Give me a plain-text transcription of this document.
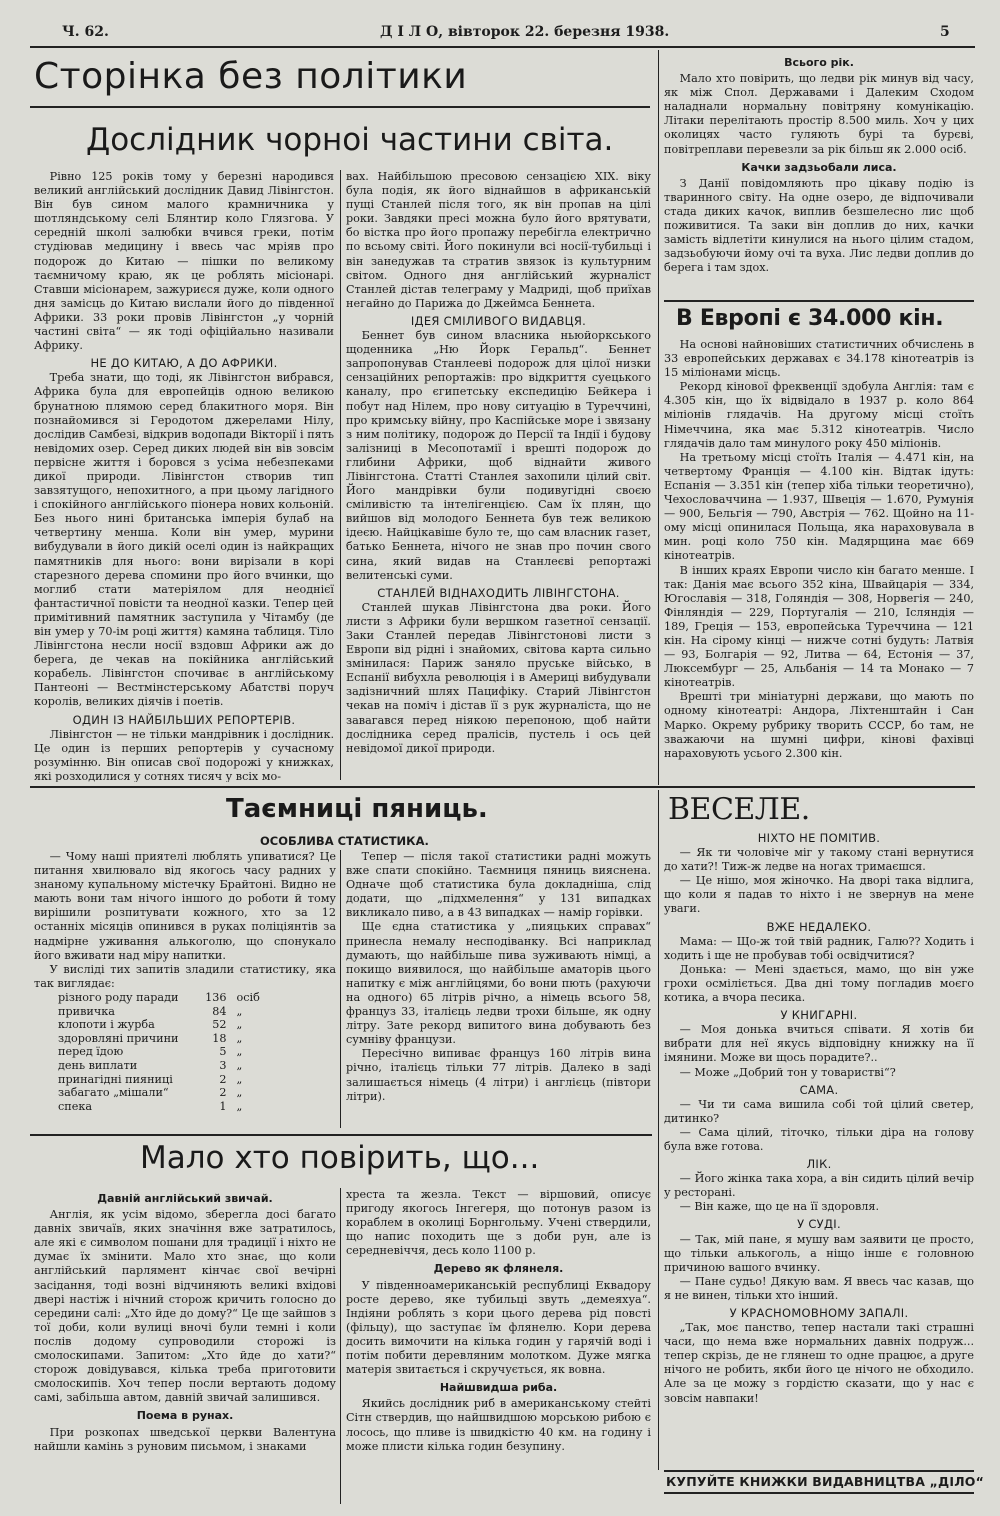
Ч. 62.	Д І Л О, вівторок 22. березня 1938.	5
Сторінка без політики
Дослідник чорноі частини світа.

Рівно 125 років тому у березні народився великий англійський дослідник Давид Лівінгстон. Він був сином малого крамничника у шотляндському селі Блянтир коло Глязгова. У середній школі залюбки вчився греки, потім студіював медицину і ввесь час мріяв про подорож до Китаю — пішки по великому таємничому краю, як це роблять місіонарі. Ставши місіонарем, зажуриєся дуже, коли одного дня замісць до Китаю вислали його до південної Африки. 33 роки провів Лівінгстон „у чорній частині світа“ — як тоді офіційально називали Африку.

НЕ ДО КИТАЮ, А ДО АФРИКИ.

Треба знати, що тоді, як Лівінгстон вибрався, Африка була для европейців одною великою брунатною плямою серед блакитного моря. Він познайомився зі Геродотом джерелами Нілу, дослідив Самбезі, відкрив водопади Вікторії і пять невідомих озер. Серед диких людей він вів зовсім первісне життя і боровся з усіма небезпеками дикої природи. Лівінгстон створив тип завзятущого, непохитного, а при цьому лагідного і спокійного англійського піонера нових кольоній. Без нього нині британська імперія булаб на четвертину менша. Коли він умер, мурини вибудували в його дикій оселі один із найкращих памятників для нього: вони вирізали в корі старезного дерева спомини про його вчинки, що моглиб стати матеріялом для неоднієї фантастичної повісти та неодної казки. Тепер цей примітивний памятник заступила у Чітамбу (де він умер у 70-ім році життя) камяна таблиця. Тіло Лівінгстона несли носії вздовш Африки аж до берега, де чекав на покійника англійський корабель. Лівінгстон спочиває в англійському Пантеоні — Вестмінстерському Абатстві поруч королів, великих діячів і поетів.

ОДИН ІЗ НАЙБІЛЬШИХ РЕПОРТЕРІВ.

Лівінгстон — не тільки мандрівник і дослідник. Це один із перших репортерів у сучасному розумінню. Він описав свої подорожі у книжках, які розходилися у сотнях тисяч у всіх мо-

вах. Найбільшою пресовою сензацією XIX. віку була подія, як його віднайшов в африканській пущі Станлей після того, як він пропав на цілі роки. Завдяки пресі можна було його врятувати, бо вістка про його пропажу перебігла електрично по всьому світі. Його покинули всі носії-тубильці і він занедужав та стратив звязок із культурним світом. Одного дня англійський журналіст Станлей дістав телеграму у Мадриді, щоб приїхав негайно до Парижа до Джеймса Беннета.

ІДЕЯ СМІЛИВОГО ВИДАВЦЯ.

Беннет був сином власника ньюйоркського щоденника „Ню Йорк Геральд“. Беннет запропонував Станлееві подорож для цілої низки сензаційних репортажів: про відкриття суецького каналу, про єгипетську експедицію Бейкера і побут над Нілем, про нову ситуацію в Туреччині, про кримську війну, про Каспійське море і звязану з ним політику, подорож до Персії та Індії і будову залізниці в Месопотамії і врешті подорож до глибини Африки, щоб віднайти живого Лівінгстона. Статті Станлея захопили цілий світ. Його мандрівки були подивугідні своєю сміливістю та інтелігенцією. Сам їх плян, що вийшов від молодого Беннета був теж великою ідеєю. Найцікавіше було те, що сам власник газет, батько Беннета, нічого не знав про почин свого сина, який видав на Станлеєві репортажі велитенські суми.

СТАНЛЕЙ ВІДНАХОДИТЬ ЛІВІНГСТОНА.

Станлей шукав Лівінгстона два роки. Його листи з Африки були вершком газетної сензації. Заки Станлей передав Лівінгстонові листи з Европи від рідні і знайомих, світова карта сильно змінилася: Париж заняло пруське військо, в Еспанії вибухла революція і в Америці вибудували задізничний шлях Пацифіку. Старий Лівінгстон чекав на поміч і дістав її з рук журналіста, що не завагався перед ніякою перепоною, щоб найти дослідника серед пралісів, пустель і ось цей невідомої дикої природи.

Всього рік.

Мало хто повірить, що ледви рік минув від часу, як між Спол. Державами і Далеким Сходом наладнали нормальну повітряну комунікацію. Літаки перелітають простір 8.500 миль. Хоч у цих околицях часто гуляють бурі та бурєві, повітреплави перевезли за рік більш як 2.000 осіб.

Качки задзьобали лиса.

З Данії повідомляють про цікаву подію із тваринного світу. На одне озеро, де відпочивали стада диких качок, виплив безшелесно лис щоб поживитися. Та заки він доплив до них, качки замість відлетіти кинулися на нього цілим стадом, задзьобуючи йому очі та вуха. Лис ледви доплив до берега і там здох.

В Европі є 34.000 кін.

На основі найновіших статистичних обчислень в 33 европейських державах є 34.178 кінотеатрів із 15 міліонами місць.

Рекорд кінової фреквенції здобула Англія: там є 4.305 кін, що їх відвідало в 1937 р. коло 864 міліонів глядачів. На другому місці стоїть Німеччина, яка має 5.312 кінотеатрів. Число глядачів дало там минулого року 450 міліонів.

На третьому місці стоїть Італія — 4.471 кін, на четвертому Франція — 4.100 кін. Відтак ідуть: Еспанія — 3.351 кін (тепер хіба тільки теоретично), Чехословаччина — 1.937, Швеція — 1.670, Румунія — 900, Бельгія — 790, Австрія — 762. Щойно на 11-ому місці опинилася Польща, яка нараховувала в мин. році коло 750 кін. Мадярщина має 669 кінотеатрів.

В інших краях Европи число кін багато менше. І так: Данія має всього 352 кіна, Швайцарія — 334, Югославія — 318, Голяндія — 308, Норвегія — 240, Фінляндія — 229, Португалія — 210, Ісляндія — 189, Греція — 153, европейська Туреччина — 121 кін. На сірому кінці — нижче сотні будуть: Латвія — 93, Болгарія — 92, Литва — 64, Естонія — 37, Люксембург — 25, Альбанія — 14 та Монако — 7 кінотеатрів.

Врешті три мініатурні держави, що мають по одному кінотеатрі: Андора, Ліхтенштайн і Сан Марко. Окрему рубрику творить СССР, бо там, не зважаючи на шумні цифри, кінові фахівці нараховують усього 2.300 кін.

Таємниці пяниць.
ОСОБЛИВА СТАТИСТИКА.

— Чому наші приятелі люблять упиватися? Це питання хвилювало від якогось часу радних у знаному купальному містечку Брайтоні. Видно не мають вони там нічого іншого до роботи й тому вирішили розпитувати кожного, хто за 12 останніх місяців опинився в руках поліціянтів за надмірне уживання алькоголю, що спонукало його вживати над міру напитки.

У висліді тих запитів зладили статистику, яка так виглядає:

різного роду паради	136	осіб
привичка	84	„
клопоти і журба	52	„
здоровляні причини	18	„
перед їдою	5	„
день виплати	3	„
принагідні пияниці	2	„
забагато „мішали“	2	„
спека	1	„

Тепер — після такої статистики радні можуть вже спати спокійно. Таємниця пяниць вияснена. Одначе щоб статистика була докладніша, слід додати, що „підхмелення“ у 131 випадках викликало пиво, а в 43 випадках — намір горівки.

Ще єдна статистика у „пияцьких справах“ принесла немалу несподіванку. Всі наприклад думають, що найбільше пива зуживають німці, а покищо виявилося, що найбільше аматорів цього напитку є між англійцями, бо вони пють (рахуючи на одного) 65 літрів річно, а німець всього 58, француз 33, італієць ледви трохи більше, як одну літру. Зате рекорд випитого вина добувають без сумніву французи.

Пересічно випиває француз 160 літрів вина річно, італієць тільки 77 літрів. Далеко в заді залишається німець (4 літри) і англієць (півтори літри).

Мало хто повірить, що...
Давній англійський звичай.

Англія, як усім відомо, зберегла досі багато давніх звичаїв, яких значіння вже затратилось, але які є символом пошани для традиції і ніхто не думає їх змінити. Мало хто знає, що коли англійський парлямент кінчає свої вечірні засідання, тоді возні відчиняють великі вхідові двері настіж і нічний сторож кричить голосно до середини салі: „Хто йде до дому?“ Це ще зайшов з тої доби, коли вулиці вночі були темні і коли послів додому супроводили сторожі із смолоскипами. Запитом: „Хто йде до хати?“ сторож довідувався, кілька треба приготовити смолоскипів. Хоч тепер посли вертають додому самі, забільша автом, давній звичай залишився.

Поема в рунах.

При розкопах шведської церкви Валентуна найшли камінь з руновим письмом, і знаками

хреста та жезла. Текст — віршовий, описує пригоду якогось Інгегеря, що потонув разом із кораблем в околиці Борнгольму. Учені ствердили, що напис походить ще з доби рун, але із середневіччя, десь коло 1100 р.

Дерево як флянеля.

У південноамериканській республиці Еквадору росте дерево, яке тубильці звуть „демеяхуа“. Індіяни роблять з кори цього дерева рід повсті (фільцу), що заступає їм флянелю. Кори дерева досить вимочити на кілька годин у гарячій воді і потім побити деревляним молотком. Дуже мягка матерія звитається і скручується, як вовна.

Найшвидша риба.

Якийсь дослідник риб в американському стейті Сітн ствердив, що найшвидшою морською рибою є лосось, що пливе із швидкістю 40 км. на годину і може плисти кілька годин безупину.

ВЕСЕЛЕ.
НІХТО НЕ ПОМІТИВ.

— Як ти чоловіче міг у такому стані вернутися до хати?! Тиж-ж ледве на ногах тримаєшся.

— Це нішо, моя жіночко. На дворі така відлига, що коли я падав то ніхто і не звернув на мене уваги.

ВЖЕ НЕДАЛЕКО.

Мама: — Що-ж той твій радник, Галю?? Ходить і ходить і ще не пробував тобі освідчитися?

Донька: — Мені здається, мамо, що він уже грохи осміліється. Два дні тому погладив моєго котика, а вчора песика.

У КНИГАРНІ.

— Моя донька вчиться співати. Я хотів би вибрати для неї якусь відповідну книжку на її імянини. Може ви щось порадите?..

— Може „Добрий тон у товаристві“?

САМА.

— Чи ти сама вишила собі той цілий светер, дитинко?

— Сама цілий, тіточко, тільки діра на голову була вже готова.

ЛІК.

— Його жінка така хора, а він сидить цілий вечір у ресторані.

— Він каже, що це на її здоровля.

У СУДІ.

— Так, мій пане, я мушу вам заявити це просто, що тільки алькоголь, а ніщо інше є головною причиною вашого вчинку.

— Пане судьо! Дякую вам. Я ввесь час казав, що я не винен, тільки хто інший.

У КРАСНОМОВНОМУ ЗАПАЛІ.

„Так, моє панство, тепер настали такі страшні часи, що нема вже нормальних давніх подруж... тепер скрізь, де не глянеш то одне працює, а друге нічого не робить, якби його це нічого не обходило. Але за це можу з гордістю сказати, що у нас є зовсім навпаки!

КУПУЙТЕ КНИЖКИ ВИДАВНИЦТВА „ДІЛО“
